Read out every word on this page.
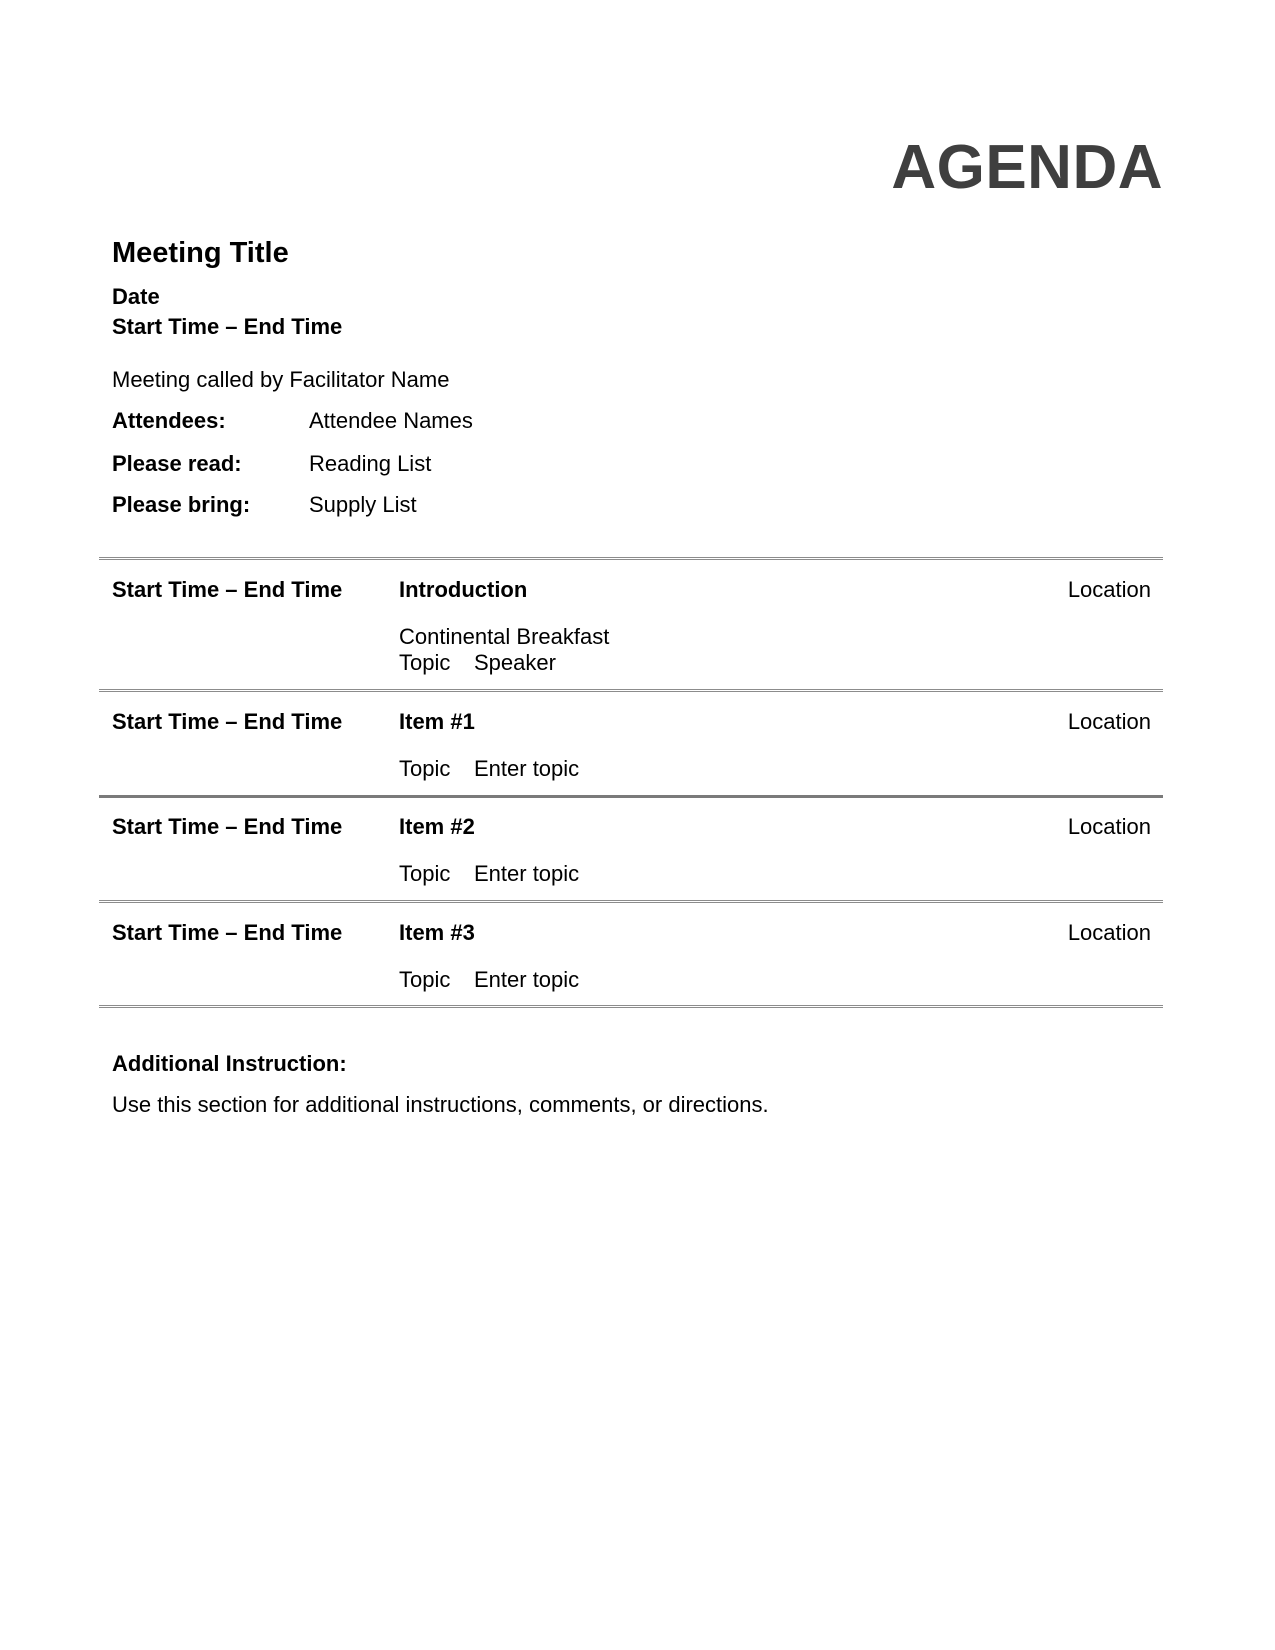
AGENDA
Meeting Title
Date
Start Time – End Time
Meeting called by Facilitator Name
Attendees:	Attendee Names
Please read:	Reading List
Please bring:	Supply List
Start Time – End Time	Introduction	Location
Continental Breakfast
Topic Speaker
Start Time – End Time	Item #1	Location
Topic Enter topic
Start Time – End Time	Item #2	Location
Topic Enter topic
Start Time – End Time	Item #3	Location
Topic Enter topic
Additional Instruction:
Use this section for additional instructions, comments, or directions.
